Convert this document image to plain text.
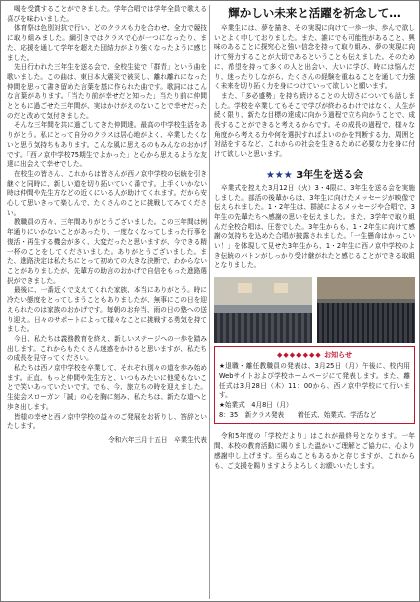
喝を受賞することができました。学年合唱では学年全員で歌える喜びを味わいました。

体育祭は色別対抗で行い、どのクラスも力を合わせ、全力で競技に取り組みました。綱引きではクラスで心が一つになったり、また、応援を通して学年を超えた団結力がより強くなったように感じました。

先日行われた三年生を送る会で、全校生徒で「群青」という曲を歌いました。この曲は、東日本大震災で被災し、離れ離れになった仲間を思って書き留めた言葉を基に作られた曲です。歌詞にはこんな言葉があります。「当たり前が幸せだと知った」当たり前に仲間とともに過ごせた三年間が、実はかけがえのないことで幸せだったのだと改めて気付きました。

そんな三年間を共に過ごしてきた仲間達。最高の中学校生活をありがとう。私にとって自分のクラスは居心地がよく、卒業したくないと思う気持ちもあります。こんな風に思えるのもみんなのおかげです。「西ノ京中学校75期生でよかった」と心から思えるような友達に出会えて幸せでした。

在校生の皆さん、これからは皆さんが西ノ京中学校の伝統を引き継ぐと同時に、新しい道を切り拓いていく番です。上手くいかない時は仲間や先生方などの近くにいる人が助けてくれます。だから安心して思いきって楽しんで、たくさんのことに挑戦してみてください。

教職員の方々、三年間ありがとうございました。この三年間は例年通りにいかないことがあったり、一度なくなってしまった行事を復活・再生する機会が多く、大変だったと思いますが、今できる精一杯のことをしてくださいました。ありがとうございました。また、進路決定は私たちにとって初めての大きな決断で、わからないことがありましたが、先輩方の助言のおかげで自信をもった進路選択ができました。

最後に、一番近くで支えてくれた家族、本当にありがとう。時に冷たい態度をとってしまうこともありましたが、無事にこの日を迎えられたのは家族のおかげです。毎朝のお弁当、雨の日の塾への送り迎え。日々のサポートによって様々なことに挑戦する勇気を持てました。

今日、私たちは義務教育を終え、新しいステージへの一歩を踏み出します。これからもたくさん迷惑をかけると思いますが、私たちの成長を見守ってください。

私たちは西ノ京中学校を卒業して、それぞれ別々の道を歩み始めます。正直、もっと仲間や先生方と、いつもみたいに他愛もないことで笑いあっていたいです。でも、今、旅立ちの時を迎えました。生徒会スローガン「誠」の心を胸に刻み、私たちは、新たな道へと歩き出します。

皆様の幸せと西ノ京中学校の益々のご発展をお祈りし、答辞といたします。

令和六年三月十五日　卒業生代表
輝かしい未来と活躍を祈念して…

卒業生には、夢を描き、その実現に向けて一歩一歩、歩んで欲しいとよく申しておりました。また、誰にでも可能性があること、興味のあることに探究心と強い信念を持って取り組み、夢の実現に向けて努力することが大切であるということも伝えました。そのために、希望を持って多くの人と出会い、大いに学び、時には悩んだり、迷ったりしながら、たくさんの経験を重ねることを通して力強く未来を切り拓く力を身につけていって欲しいと願います。

また、「多必盛勢」を持ち続けることの大切さについても話しました。学校を卒業してもそこで学びが終わるわけではなく、人生が続く限り、新たな目標の達成に向かう過程で立ち向かうことで、成長することができると考えるからです。その成長の過程で、様々な角度から考える力や何を選択すればよいのかを判断する力、周囲と対話をするなど、これからの社会を生きるために必要な力を身に付けて欲しいと思います。

★★★ 3年生を送る会

卒業式を控えた3月12日（火）3・4限に、3年生を送る会を実施しました。部活の後輩からは、3年生に向けたメッセージが映像で伝えられました。1・2年生は、群読によるメッセージや合唱で、3年生の先輩たちへ感謝の思いを伝えました。また、3学年で取り組んだ全校合唱は、圧巻でした。3年生からも、1・2年生に向けて感謝の気持ちを込めた合唱が披露されました。「一生懸命はかっこいい！」を体現して見せた3年生から、1・2年生に西ノ京中学校のよき伝統のバトンがしっかり受け継がれたと感じることができる取組となりました。

◆◆◆◆◆◆◆ お知らせ

★退職・離任教職員の発表は、3月25日（月）午後に、校内用Webサイトおよび学校ホームページにて発表します。また、離任式は3月28日（木）11：00から、西ノ京中学校にて行います。

★始業式　4月8日（月）

8：35　新クラス発表　　着任式、始業式、学活など

令和5年度の「学校だより」はこれが最終号となります。一年間、本校の教育活動に賜りました温かいご理解とご協力に、心より感謝申し上げます。至らぬこともあるかと存じますが、これからも、ご支援を賜りますようよろしくお願いいたします。
